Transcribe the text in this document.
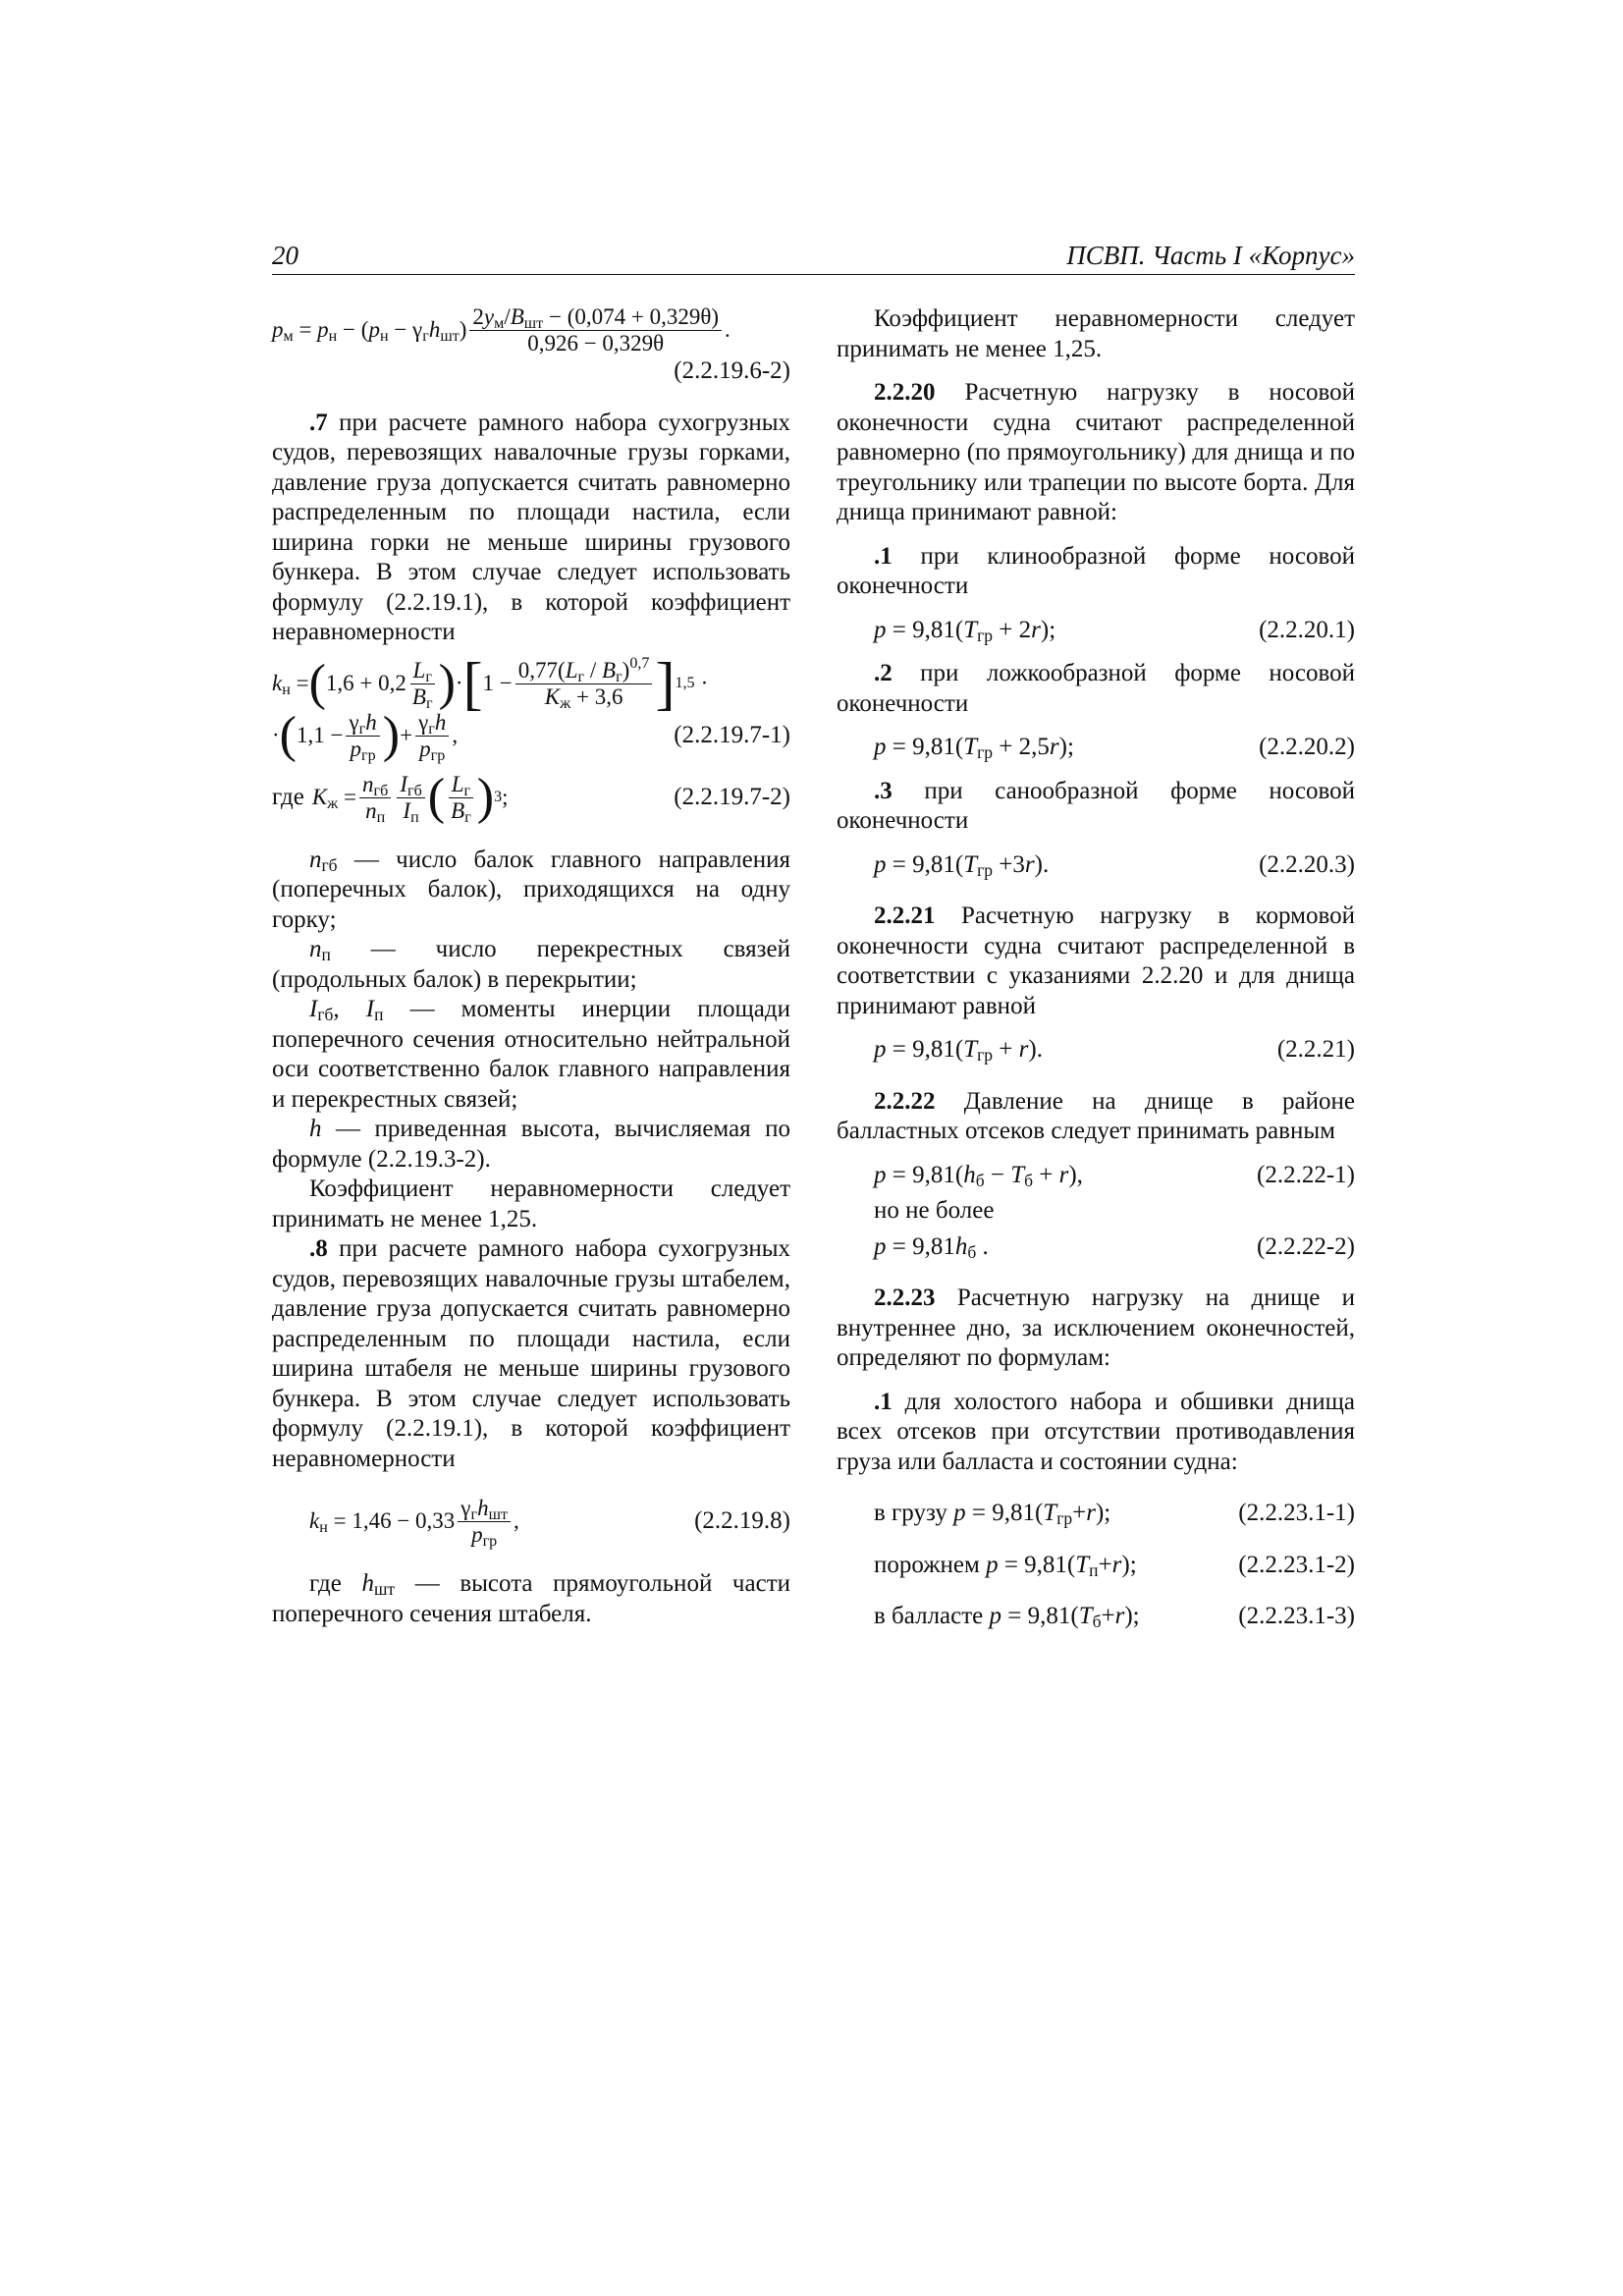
20	ПСВП. Часть I «Корпус»
$p_м = p_н - (p_н - \gamma_гh_{шт}) \frac{2y_м/B_{шт} - (0,074 + 0,329\theta)}{0,926 - 0,329\theta}$ .
(2.2.19.6-2)

.7 при расчете рамного набора сухогрузных судов, перевозящих навалочные грузы горками, давление груза допускается считать равномерно распределенным по площади настила, если ширина горки не меньше ширины грузового бункера. В этом случае следует использовать формулу (2.2.19.1), в которой коэффициент неравномерности

$k_н$ = ( $1,6 + 0,2 \frac{L_г}{B_г}$ ) · [ $1 - \frac{0,77(L_г / B_г)^{0,7}}{K_ж + 3,6}$ ] 1,5 ·
· ( $1,1 - \frac{\gamma_гh}{p_{гр}}$ ) + $\frac{\gamma_гh}{p_{гр}}$ ,	(2.2.19.7-1)
где $K_ж = \frac{n_{гб}}{n_п} \frac{I_{гб}}{I_п}$ ( $\frac{L_г}{B_г}$ ) 3 ;	(2.2.19.7-2)

$n_{гб}$ — число балок главного направления (поперечных балок), приходящихся на одну горку;

$n_п$ — число перекрестных связей (продольных балок) в перекрытии;

$I_{гб}$, $I_п$ — моменты инерции площади поперечного сечения относительно нейтральной оси соответственно балок главного направления и перекрестных связей;

h — приведенная высота, вычисляемая по формуле (2.2.19.3-2).

Коэффициент неравномерности следует принимать не менее 1,25.

.8 при расчете рамного набора сухогрузных судов, перевозящих навалочные грузы штабелем, давление груза допускается считать равномерно распределенным по площади настила, если ширина штабеля не меньше ширины грузового бункера. В этом случае следует использовать формулу (2.2.19.1), в которой коэффициент неравномерности

$k_н = 1,46 - 0,33 \frac{\gamma_гh_{шт}}{p_{гр}}$ ,	(2.2.19.8)

где $h_{шт}$ — высота прямоугольной части поперечного сечения штабеля.

Коэффициент неравномерности следует принимать не менее 1,25.

2.2.20 Расчетную нагрузку в носовой оконечности судна считают распределенной равномерно (по прямоугольнику) для днища и по треугольнику или трапеции по высоте борта. Для днища принимают равной:

.1 при клинообразной форме носовой оконечности

$p = 9,81(T_{гр} + 2r)$;	(2.2.20.1)

.2 при ложкообразной форме носовой оконечности

$p = 9,81(T_{гр} + 2,5r)$;	(2.2.20.2)

.3 при санообразной форме носовой оконечности

$p = 9,81(T_{гр} +3r)$.	(2.2.20.3)

2.2.21 Расчетную нагрузку в кормовой оконечности судна считают распределенной в соответствии с указаниями 2.2.20 и для днища принимают равной

$p = 9,81(T_{гр} + r)$.	(2.2.21)

2.2.22 Давление на днище в районе балластных отсеков следует принимать равным

$p = 9,81(h_б - T_б + r)$,	(2.2.22-1)

но не более

$p = 9,81h_б$ .	(2.2.22-2)

2.2.23 Расчетную нагрузку на днище и внутреннее дно, за исключением оконечностей, определяют по формулам:

.1 для холостого набора и обшивки днища всех отсеков при отсутствии противодавления груза или балласта и состоянии судна:

в грузу $p = 9,81(T_{гр}+r)$;	(2.2.23.1-1)
порожнем $p = 9,81(T_п+r)$;	(2.2.23.1-2)
в балласте $p = 9,81(T_б+r)$;	(2.2.23.1-3)
